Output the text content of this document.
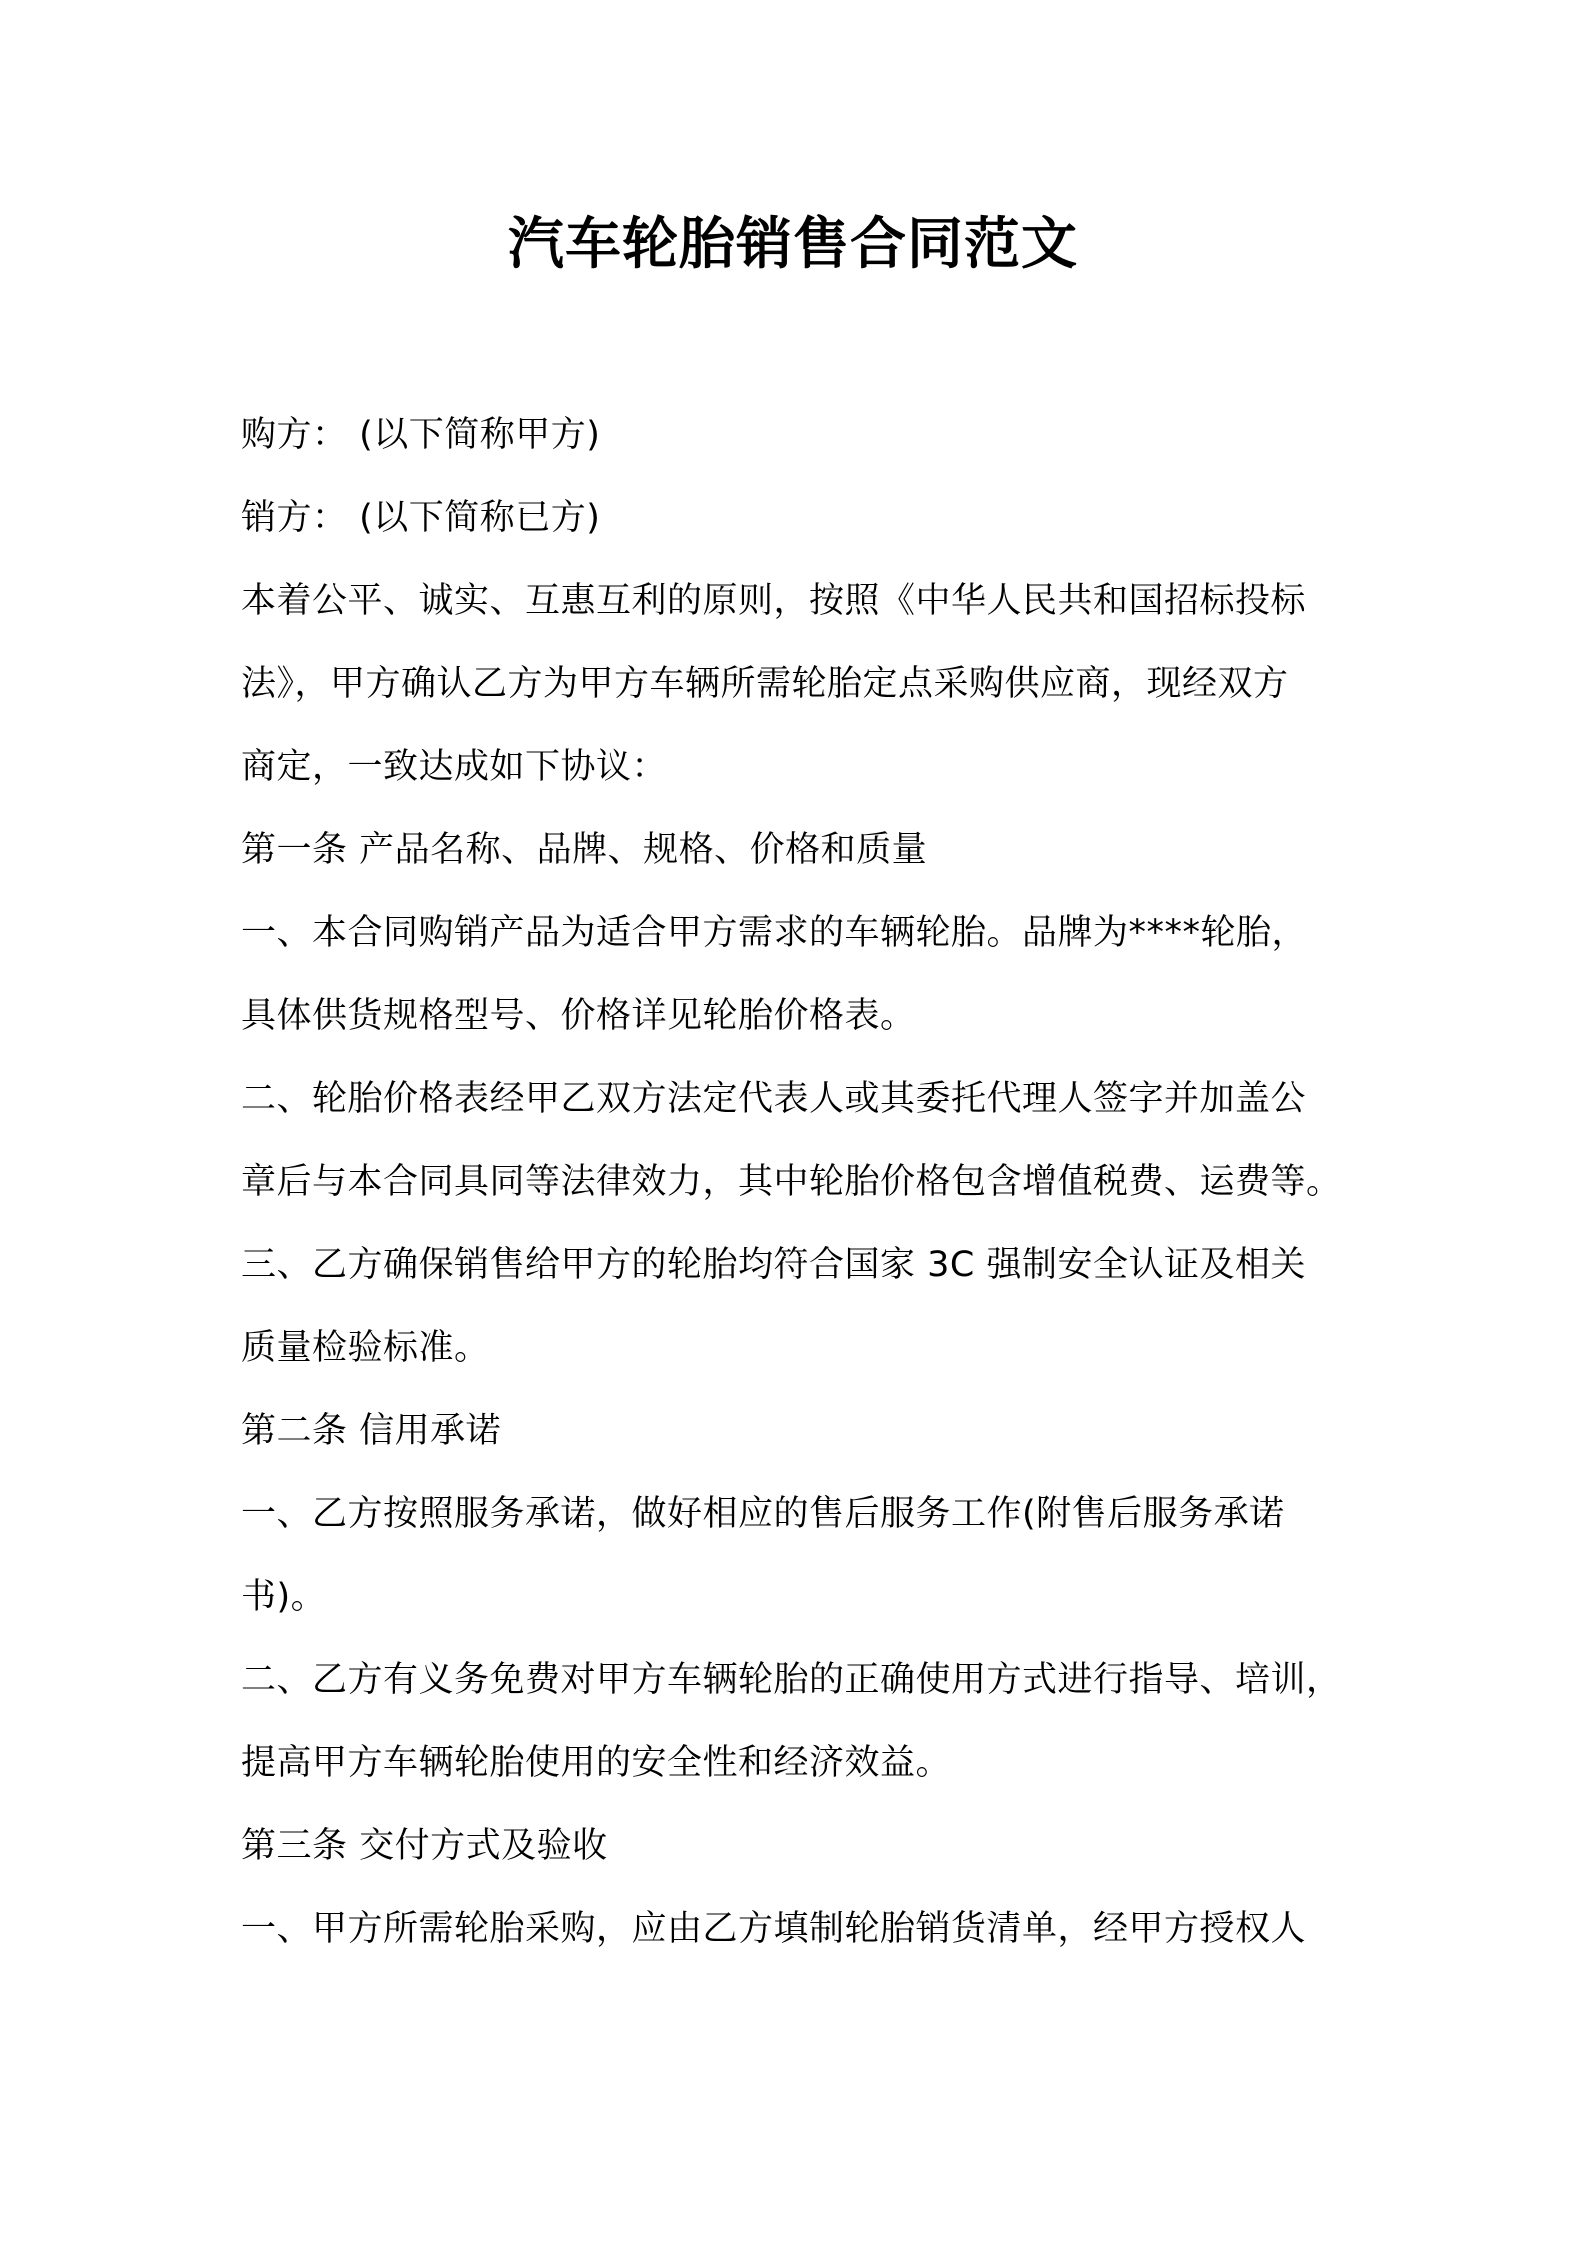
汽车轮胎销售合同范文
购方： (以下简称甲方)
销方： (以下简称已方)
本着公平、诚实、互惠互利的原则，按照《中华人民共和国招标投标
法》，甲方确认乙方为甲方车辆所需轮胎定点采购供应商，现经双方
商定，一致达成如下协议：
第一条 产品名称、品牌、规格、价格和质量
一、本合同购销产品为适合甲方需求的车辆轮胎。品牌为****轮胎，
具体供货规格型号、价格详见轮胎价格表。
二、轮胎价格表经甲乙双方法定代表人或其委托代理人签字并加盖公
章后与本合同具同等法律效力，其中轮胎价格包含增值税费、运费等。
三、乙方确保销售给甲方的轮胎均符合国家 3C 强制安全认证及相关
质量检验标准。
第二条 信用承诺
一、乙方按照服务承诺，做好相应的售后服务工作(附售后服务承诺
书)。
二、乙方有义务免费对甲方车辆轮胎的正确使用方式进行指导、培训，
提高甲方车辆轮胎使用的安全性和经济效益。
第三条 交付方式及验收
一、甲方所需轮胎采购，应由乙方填制轮胎销货清单，经甲方授权人
